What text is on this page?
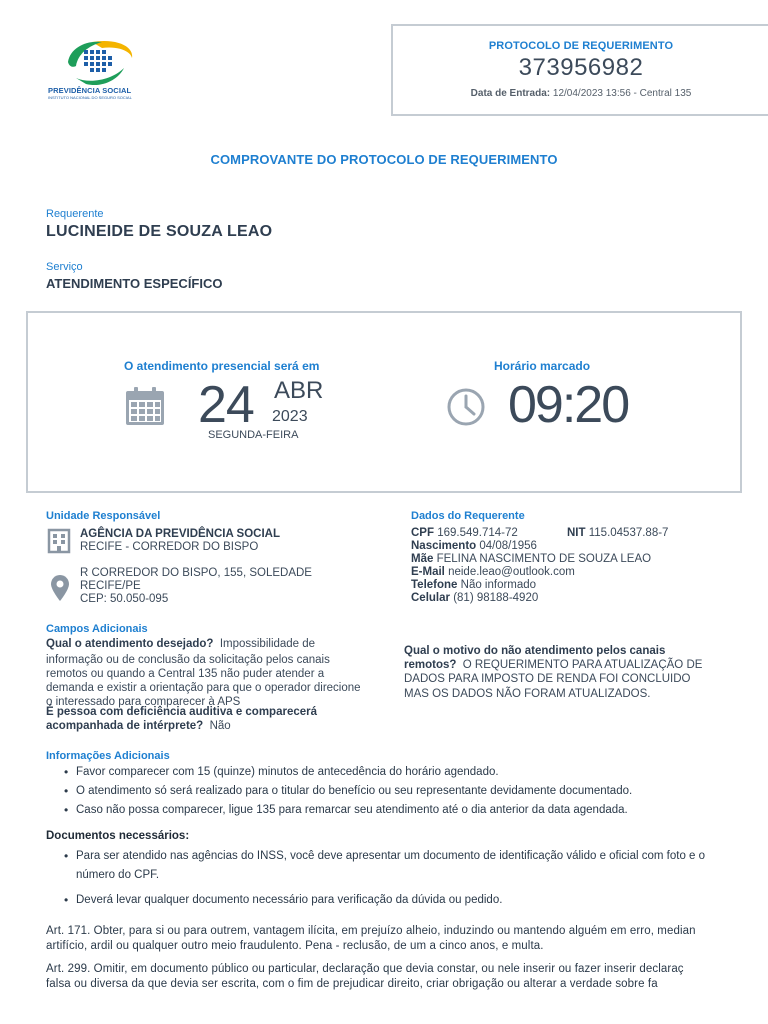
PREVIDÊNCIA SOCIAL
INSTITUTO NACIONAL DO SEGURO SOCIAL
PROTOCOLO DE REQUERIMENTO
373956982
Data de Entrada: 12/04/2023 13:56 - Central 135
COMPROVANTE DO PROTOCOLO DE REQUERIMENTO
Requerente
LUCINEIDE DE SOUZA LEAO
Serviço
ATENDIMENTO ESPECÍFICO
O atendimento presencial será em
24 ABR
2023
SEGUNDA-FEIRA
Horário marcado
09:20
Unidade Responsável
AGÊNCIA DA PREVIDÊNCIA SOCIAL
RECIFE - CORREDOR DO BISPO
R CORREDOR DO BISPO, 155, SOLEDADE
RECIFE/PE
CEP: 50.050-095
Dados do Requerente
CPF 169.549.714-72	NIT 115.04537.88-7
Nascimento 04/08/1956
Mãe FELINA NASCIMENTO DE SOUZA LEAO
E-Mail neide.leao@outlook.com
Telefone Não informado
Celular (81) 98188-4920
Campos Adicionais
Qual o atendimento desejado? Impossibilidade de
informação ou de conclusão da solicitação pelos canais
remotos ou quando a Central 135 não puder atender a
demanda e existir a orientação para que o operador direcione
o interessado para comparecer à APS
É pessoa com deficiência auditiva e comparecerá
acompanhada de intérprete? Não
Qual o motivo do não atendimento pelos canais
remotos? O REQUERIMENTO PARA ATUALIZAÇÃO DE
DADOS PARA IMPOSTO DE RENDA FOI CONCLUIDO
MAS OS DADOS NÃO FORAM ATUALIZADOS.
Informações Adicionais
• Favor comparecer com 15 (quinze) minutos de antecedência do horário agendado.
• O atendimento só será realizado para o titular do benefício ou seu representante devidamente documentado.
• Caso não possa comparecer, ligue 135 para remarcar seu atendimento até o dia anterior da data agendada.
Documentos necessários:
• Para ser atendido nas agências do INSS, você deve apresentar um documento de identificação válido e oficial com foto e o
número do CPF.
• Deverá levar qualquer documento necessário para verificação da dúvida ou pedido.
Art. 171. Obter, para si ou para outrem, vantagem ilícita, em prejuízo alheio, induzindo ou mantendo alguém em erro, median
artifício, ardil ou qualquer outro meio fraudulento. Pena - reclusão, de um a cinco anos, e multa.
Art. 299. Omitir, em documento público ou particular, declaração que devia constar, ou nele inserir ou fazer inserir declaraç
falsa ou diversa da que devia ser escrita, com o fim de prejudicar direito, criar obrigação ou alterar a verdade sobre fa
